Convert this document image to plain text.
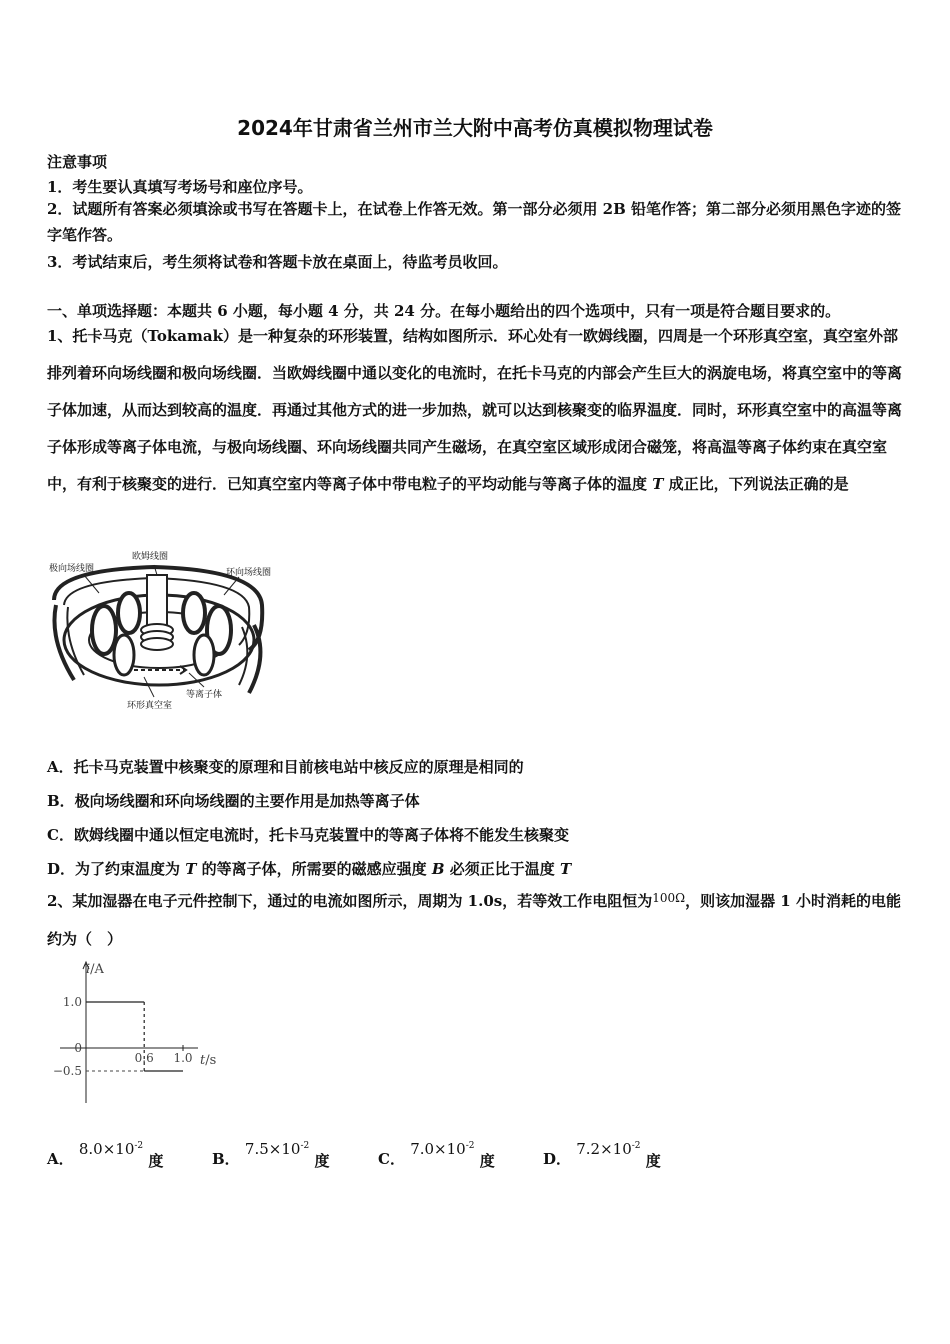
2024年甘肃省兰州市兰大附中高考仿真模拟物理试卷
注意事项
1．考生要认真填写考场号和座位序号。
2．试题所有答案必须填涂或书写在答题卡上，在试卷上作答无效。第一部分必须用 2B 铅笔作答；第二部分必须用黑色字迹的签字笔作答。
3．考试结束后，考生须将试卷和答题卡放在桌面上，待监考员收回。
一、单项选择题：本题共 6 小题，每小题 4 分，共 24 分。在每小题给出的四个选项中，只有一项是符合题目要求的。
1、托卡马克（Tokamak）是一种复杂的环形装置，结构如图所示．环心处有一欧姆线圈，四周是一个环形真空室，真空室外部排列着环向场线圈和极向场线圈．当欧姆线圈中通以变化的电流时，在托卡马克的内部会产生巨大的涡旋电场，将真空室中的等离子体加速，从而达到较高的温度．再通过其他方式的进一步加热，就可以达到核聚变的临界温度．同时，环形真空室中的高温等离子体形成等离子体电流，与极向场线圈、环向场线圈共同产生磁场，在真空室区域形成闭合磁笼，将高温等离子体约束在真空室中，有利于核聚变的进行．已知真空室内等离子体中带电粒子的平均动能与等离子体的温度 T 成正比，下列说法正确的是
极向场线圈
欧姆线圈
环向场线圈
等离子体
环形真空室
A．托卡马克装置中核聚变的原理和目前核电站中核反应的原理是相同的
B．极向场线圈和环向场线圈的主要作用是加热等离子体
C．欧姆线圈中通以恒定电流时，托卡马克装置中的等离子体将不能发生核聚变
D．为了约束温度为 T 的等离子体，所需要的磁感应强度 B 必须正比于温度 T
2、某加湿器在电子元件控制下，通过的电流如图所示，周期为 1.0s，若等效工作电阻恒为$^{100\Omega}$，则该加湿器 1 小时消耗的电能约为（　）
1.0
0
−0.5
0.6 1.0
i/A
t/s
A． $8.0\times 10^{-2}$ 度	B． $7.5\times 10^{-2}$ 度	C． $7.0\times 10^{-2}$ 度	D． $7.2\times 10^{-2}$ 度
